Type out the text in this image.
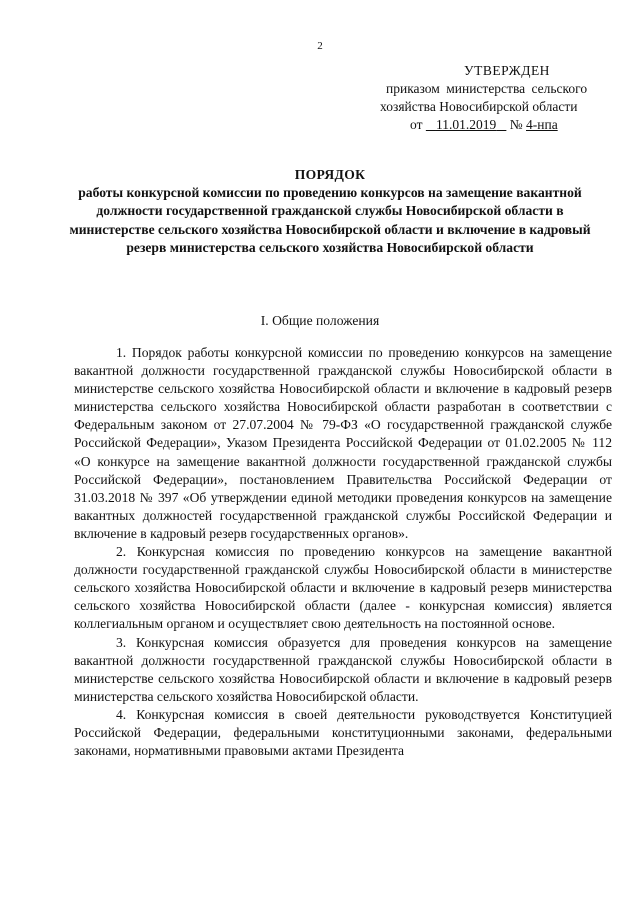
2
УТВЕРЖДЕН
приказом министерства сельского
хозяйства Новосибирской области
от 11.01.2019 № 4-нпа
ПОРЯДОК
работы конкурсной комиссии по проведению конкурсов на замещение вакантной должности государственной гражданской службы Новосибирской области в министерстве сельского хозяйства Новосибирской области и включение в кадровый резерв министерства сельского хозяйства Новосибирской области
I. Общие положения

1. Порядок работы конкурсной комиссии по проведению конкурсов на замещение вакантной должности государственной гражданской службы Новосибирской области в министерстве сельского хозяйства Новосибирской области и включение в кадровый резерв министерства сельского хозяйства Новосибирской области разработан в соответствии с Федеральным законом от 27.07.2004 № 79-ФЗ «О государственной гражданской службе Российской Федерации», Указом Президента Российской Федерации от 01.02.2005 № 112 «О конкурсе на замещение вакантной должности государственной гражданской службы Российской Федерации», постановлением Правительства Российской Федерации от 31.03.2018 № 397 «Об утверждении единой методики проведения конкурсов на замещение вакантных должностей государственной гражданской службы Российской Федерации и включение в кадровый резерв государственных органов».

2. Конкурсная комиссия по проведению конкурсов на замещение вакантной должности государственной гражданской службы Новосибирской области в министерстве сельского хозяйства Новосибирской области и включение в кадровый резерв министерства сельского хозяйства Новосибирской области (далее - конкурсная комиссия) является коллегиальным органом и осуществляет свою деятельность на постоянной основе.

3. Конкурсная комиссия образуется для проведения конкурсов на замещение вакантной должности государственной гражданской службы Новосибирской области в министерстве сельского хозяйства Новосибирской области и включение в кадровый резерв министерства сельского хозяйства Новосибирской области.

4. Конкурсная комиссия в своей деятельности руководствуется Конституцией Российской Федерации, федеральными конституционными законами, федеральными законами, нормативными правовыми актами Президента
